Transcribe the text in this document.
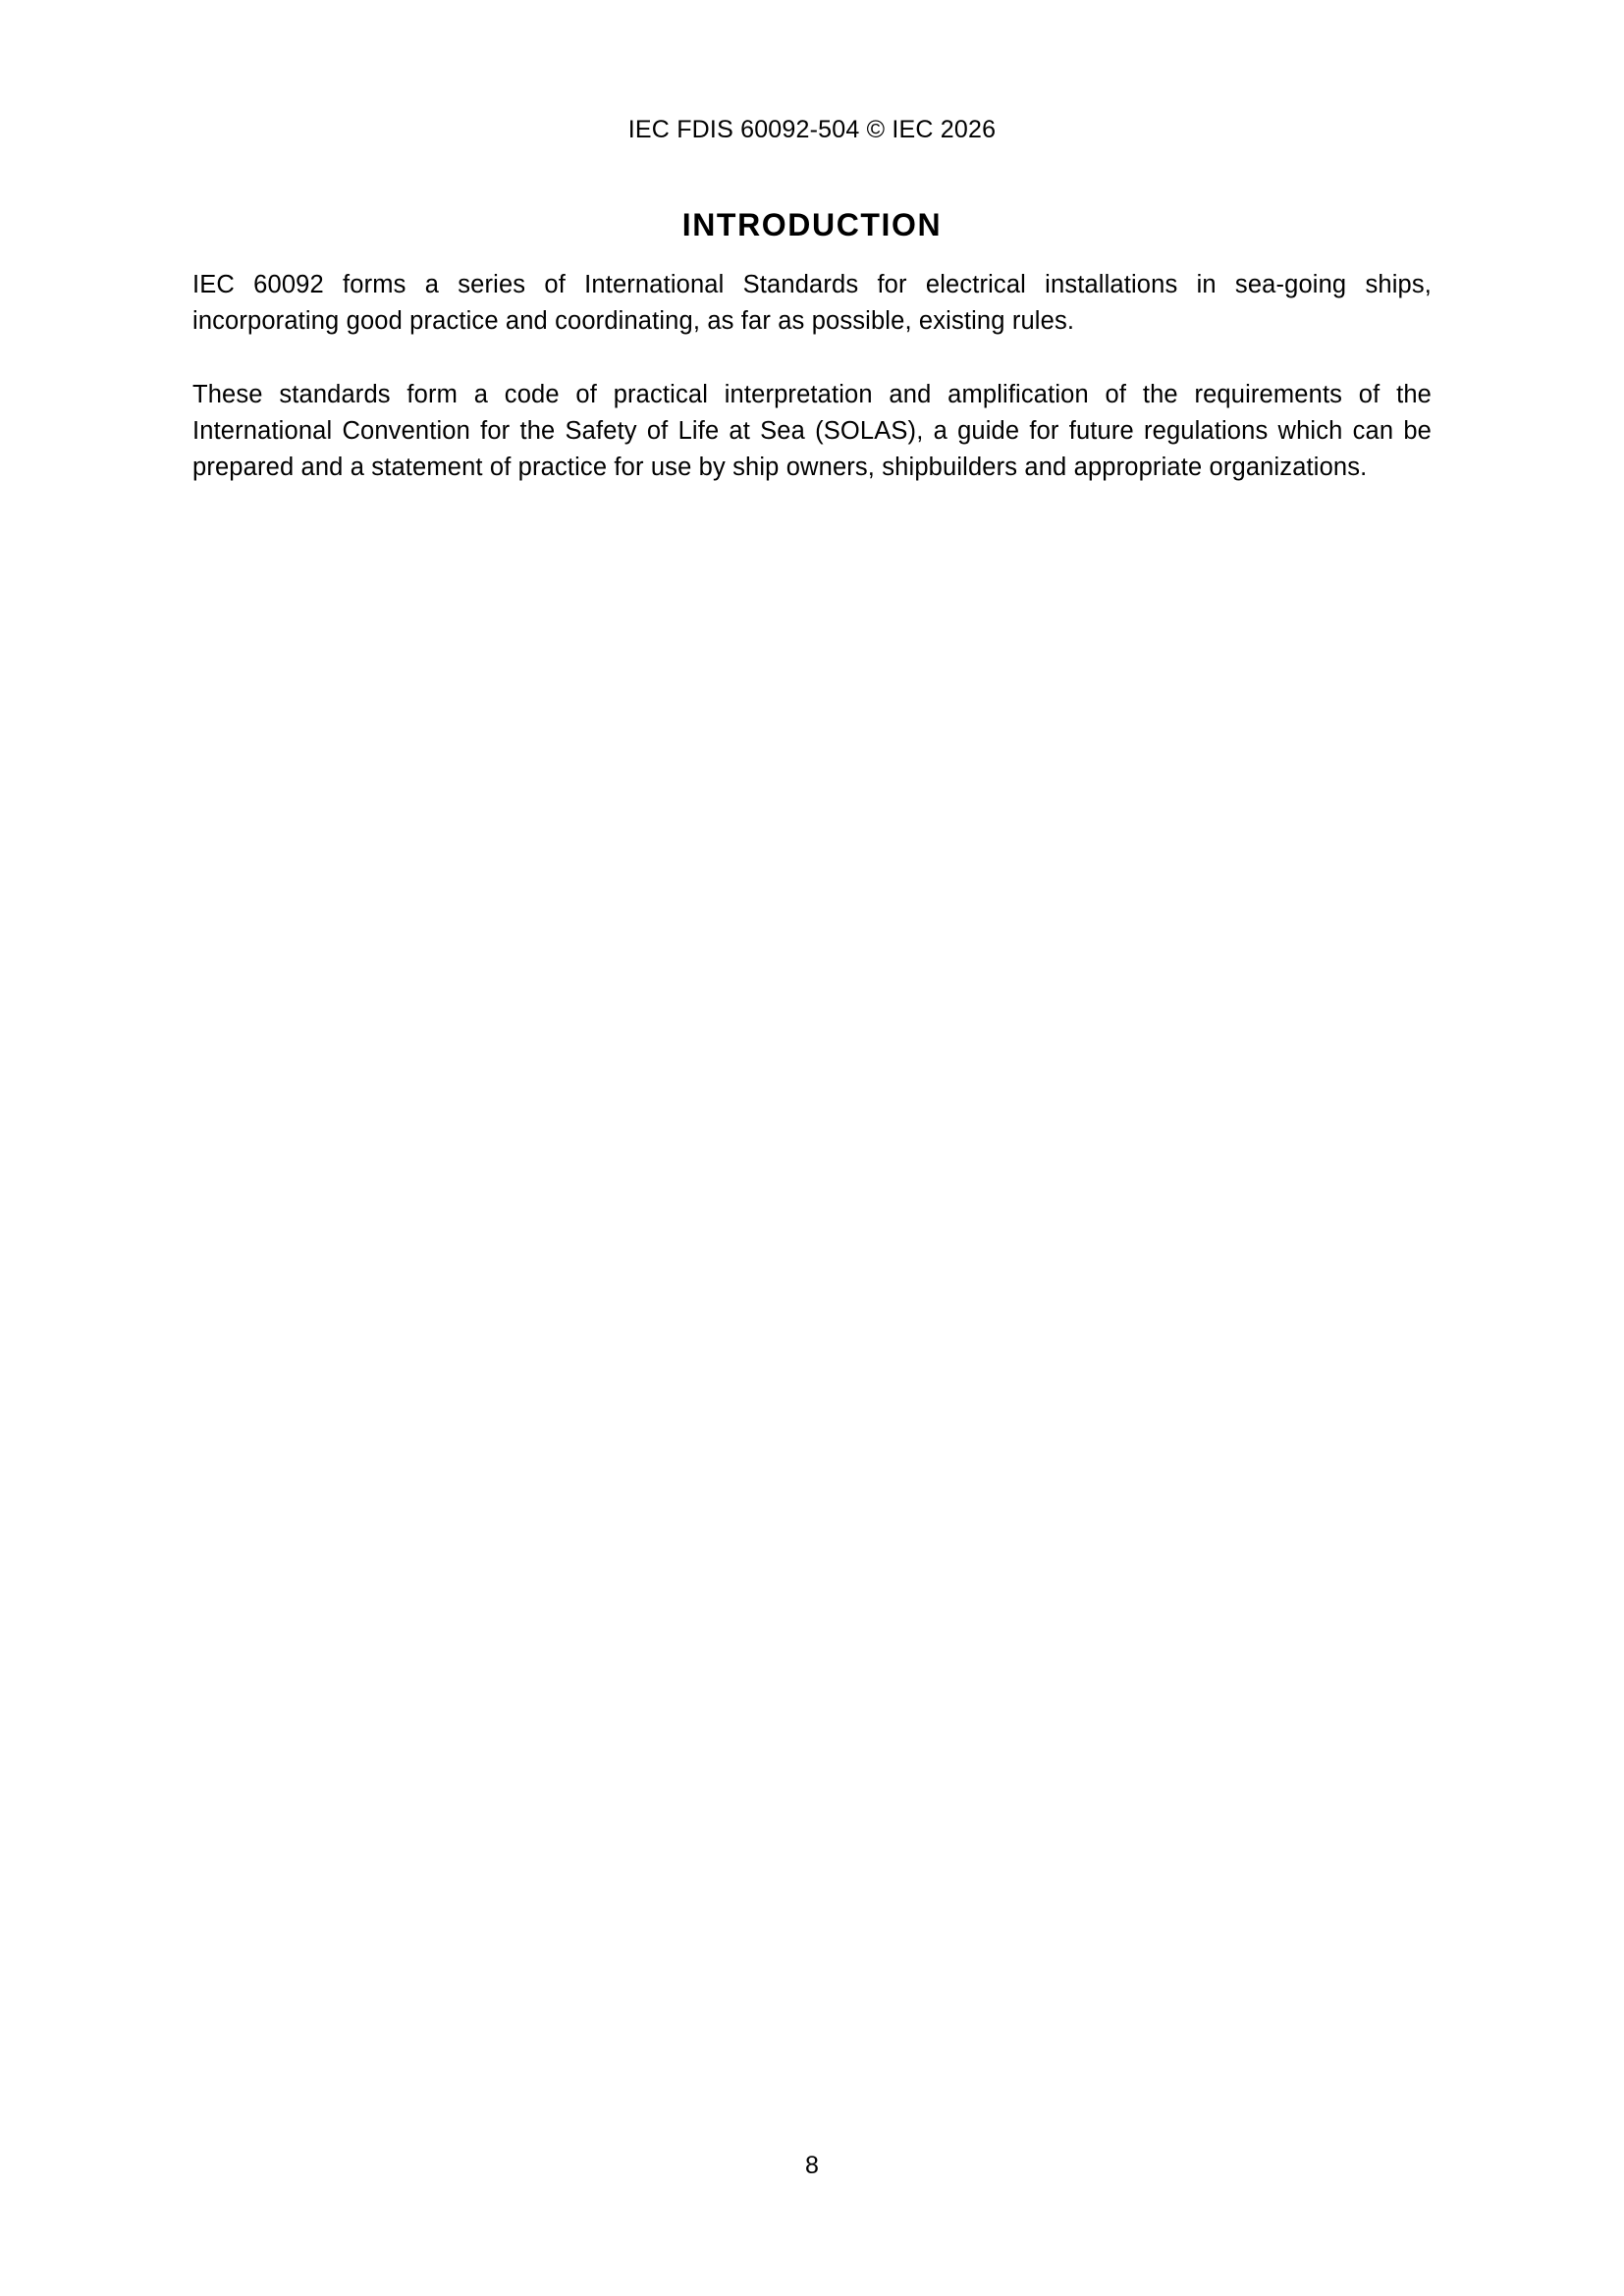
IEC FDIS 60092-504 © IEC 2026
INTRODUCTION

IEC 60092 forms a series of International Standards for electrical installations in sea-going ships, incorporating good practice and coordinating, as far as possible, existing rules.

These standards form a code of practical interpretation and amplification of the requirements of the International Convention for the Safety of Life at Sea (SOLAS), a guide for future regulations which can be prepared and a statement of practice for use by ship owners, shipbuilders and appropriate organizations.

8
